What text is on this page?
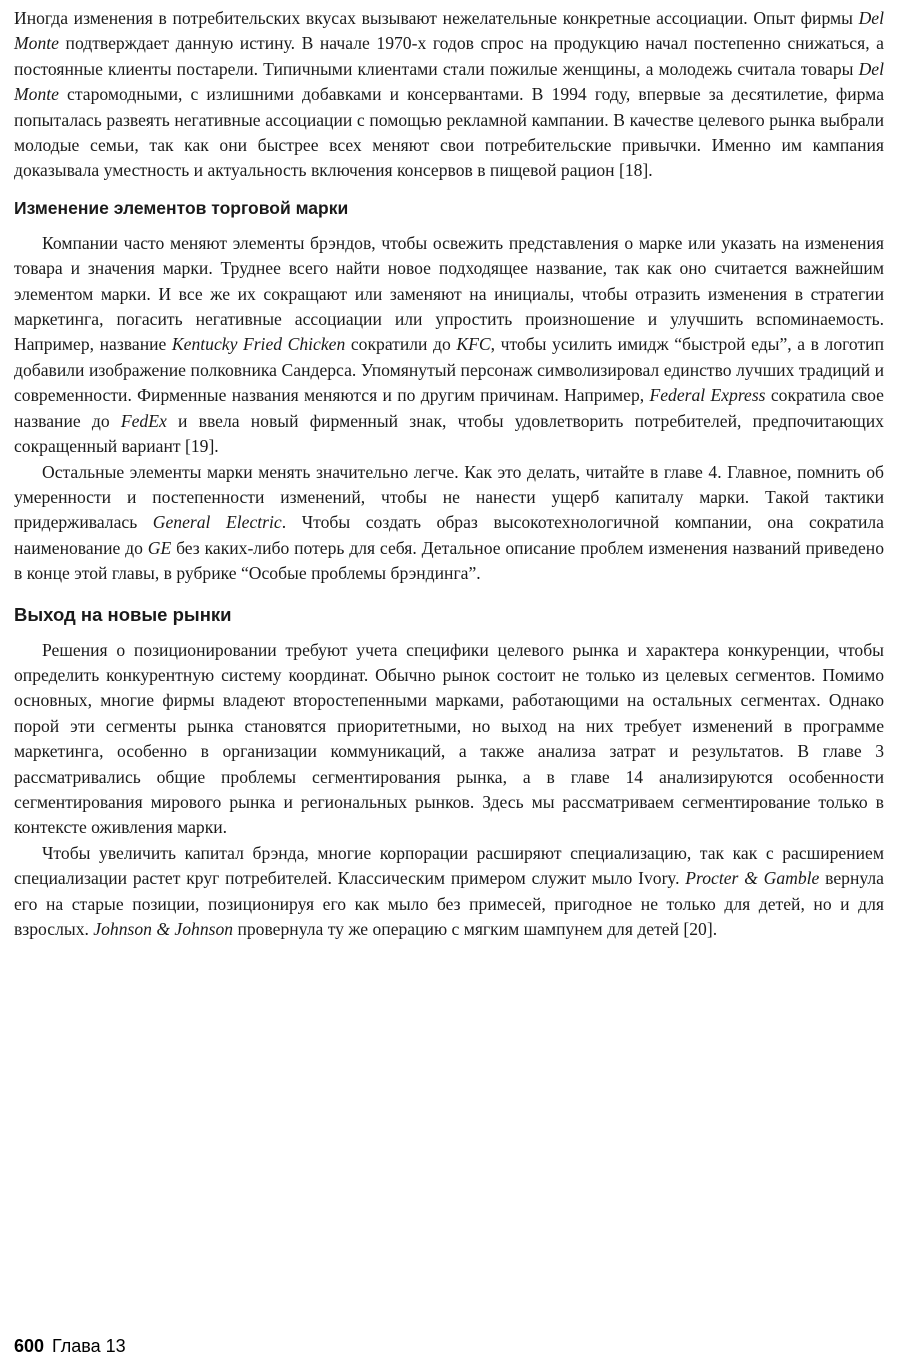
Иногда изменения в потребительских вкусах вызывают нежелательные конкретные ассоциации. Опыт фирмы Del Monte подтверждает данную истину. В начале 1970-х годов спрос на продукцию начал постепенно снижаться, а постоянные клиенты постарели. Типичными клиентами стали пожилые женщины, а молодежь считала товары Del Monte старомодными, с излишними добавками и консервантами. В 1994 году, впервые за десятилетие, фирма попыталась развеять негативные ассоциации с помощью рекламной кампании. В качестве целевого рынка выбрали молодые семьи, так как они быстрее всех меняют свои потребительские привычки. Именно им кампания доказывала уместность и актуальность включения консервов в пищевой рацион [18].

Изменение элементов торговой марки

Компании часто меняют элементы брэндов, чтобы освежить представления о марке или указать на изменения товара и значения марки. Труднее всего найти новое подходящее название, так как оно считается важнейшим элементом марки. И все же их сокращают или заменяют на инициалы, чтобы отразить изменения в стратегии маркетинга, погасить негативные ассоциации или упростить произношение и улучшить вспоминаемость. Например, название Kentucky Fried Chicken сократили до KFC, чтобы усилить имидж “быстрой еды”, а в логотип добавили изображение полковника Сандерса. Упомянутый персонаж символизировал единство лучших традиций и современности. Фирменные названия меняются и по другим причинам. Например, Federal Express сократила свое название до FedEx и ввела новый фирменный знак, чтобы удовлетворить потребителей, предпочитающих сокращенный вариант [19].

Остальные элементы марки менять значительно легче. Как это делать, читайте в главе 4. Главное, помнить об умеренности и постепенности изменений, чтобы не нанести ущерб капиталу марки. Такой тактики придерживалась General Electric. Чтобы создать образ высокотехнологичной компании, она сократила наименование до GE без каких-либо потерь для себя. Детальное описание проблем изменения названий приведено в конце этой главы, в рубрике “Особые проблемы брэндинга”.

Выход на новые рынки

Решения о позиционировании требуют учета специфики целевого рынка и характера конкуренции, чтобы определить конкурентную систему координат. Обычно рынок состоит не только из целевых сегментов. Помимо основных, многие фирмы владеют второстепенными марками, работающими на остальных сегментах. Однако порой эти сегменты рынка становятся приоритетными, но выход на них требует изменений в программе маркетинга, особенно в организации коммуникаций, а также анализа затрат и результатов. В главе 3 рассматривались общие проблемы сегментирования рынка, а в главе 14 анализируются особенности сегментирования мирового рынка и региональных рынков. Здесь мы рассматриваем сегментирование только в контексте оживления марки.

Чтобы увеличить капитал брэнда, многие корпорации расширяют специализацию, так как с расширением специализации растет круг потребителей. Классическим примером служит мыло Ivory. Procter & Gamble вернула его на старые позиции, позиционируя его как мыло без примесей, пригодное не только для детей, но и для взрослых. Johnson & Johnson провернула ту же операцию с мягким шампунем для детей [20].

600 Глава 13
